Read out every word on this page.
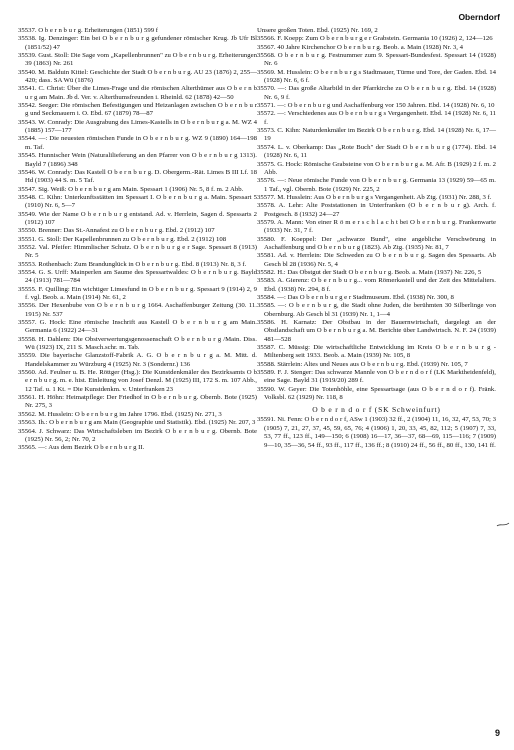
Oberndorf

35537. O b e r n b u r g. Erheiterungen (1851) 599 f

35538. Ig. Denzinger: Ein bei O b e r n b u r g gefundener römischer Krug. Jb Ufr Bl (1851/52) 47

35539. Gust. Stoll: Die Sage vom „Kapellenbrunnen" zu O b e r n b u r g. Erheiterungen 39 (1863) Nr. 261

35540. M. Balduin Kittel: Geschichte der Stadt O b e r n b u r g. AU 23 (1876) 2, 255—420; dass. SA Wü (1876)

35541. C. Christ: Über die Limes-Frage und die römischen Alterthümer aus O b e r n b u r g am Main. Jb d. Ver. v. Alterthumsfreunden i. Rheinld. 62 (1878) 42—50

35542. Seeger: Die römischen Befestigungen und Heizanlagen zwischen O b e r n b u r g und Seckmauern i. O. Ebd. 67 (1879) 78—87

35543. W. Conrady: Die Ausgrabung des Limes-Kastells in O b e r n b u r g a. M. WZ 4 (1885) 157—177

35544. —: Die neuesten römischen Funde in O b e r n b u r g. WZ 9 (1890) 164—198 m. Taf.

35545. Hunnischer Wein (Naturalilieferung an den Pfarrer von O b e r n b u r g 1313). Bayld 7 (1896) 348

35546. W. Conrady: Das Kastell O b e r n b u r g. D. Obergerm.-Rät. Limes B III Lf. 18 Hd (1903) 44 S. m. 5 Taf.

35547. Sig. Weiß: O b e r n b u r g am Main. Spessart 1 (1906) Nr. 5, 8 f. m. 2 Abb.

35548. C. Kihn: Unterkunftsstätten im Spessart I. O b e r n b u r g a. Main. Spessart 5 (1910) Nr. 6, 5—7

35549. Wie der Name O b e r n b u r g entstand. Ad. v. Herrlein, Sagen d. Spessarts 2 (1912) 107

35550. Brenner: Das St.-Annafest zu O b e r n b u r g. Ebd. 2 (1912) 107

35551. G. Stoll: Der Kapellenbrunnen zu O b e r n b u r g. Ebd. 2 (1912) 108

35552. Val. Pfeifer: Himmlischer Schutz. O b e r n b u r g e r Sage. Spessart 8 (1913) Nr. 5

35553. Rothenbach: Zum Brandunglück in O b e r n b u r g. Ebd. 8 (1913) Nr. 8, 3 f.

35554. G. S. Urff: Mainperlen am Saume des Spessartwaldes: O b e r n b u r g. Bayld 24 (1913) 781—784

35555. F. Quilling: Ein wichtiger Limesfund in O b e r n b u r g. Spessart 9 (1914) 2, 9 f. vgl. Beob. a. Main (1914) Nr. 61, 2

35556. Der Hexenbube von O b e r n b u r g 1664. Aschaffenburger Zeitung (30. 11. 1915) Nr. 537

35557. G. Hock: Eine römische Inschrift aus Kastell O b e r n b u r g am Main. Germania 6 (1922) 24—31

35558. H. Dahlem: Die Obstverwertungsgenossenschaft O b e r n b u r g /Main. Diss. Wü (1923) IX, 211 S. Masch.schr. m. Tab.

35559. Die bayerische Glanzstoff-Fabrik A. G. O b e r n b u r g a. M. Mitt. d. Handelskammer zu Würzburg 4 (1925) Nr. 3 (Sondernr.) 136

35560. Ad. Feulner u. B. He. Röttger (Hsg.): Die Kunstdenkmäler des Bezirksamts O b e r n b u r g. m. e. hist. Einleitung von Josef Denzl. M (1925) III, 172 S. m. 107 Abb., 12 Taf. u. 1 Kt. = Die Kunstdenkm. v. Unterfranken 23

35561. H. Höhn: Heimatpflege: Der Friedhof in O b e r n b u r g. Obernb. Bote (1925) Nr. 275, 3

35562. M. Husslein: O b e r n b u r g im Jahre 1796. Ebd. (1925) Nr. 271, 3

35563. Ih.: O b e r n b u r g am Main (Geographie und Statistik). Ebd. (1925) Nr. 207, 3

35564. J. Schwarz: Das Wirtschaftsleben im Bezirk O b e r n b u r g. Obernb. Bote (1925) Nr. 56, 2; Nr. 70, 2

35565. —: Aus dem Bezirk O b e r n b u r g II.

Unsere großen Toten. Ebd. (1925) Nr. 169, 2

35566. F. Koepp: Zum O b e r n b u r g e r Grabstein. Germania 10 (1926) 2, 124—126

35567. 40 Jahre Kirchenchor O b e r n b u r g. Beob. a. Main (1928) Nr. 3, 4

35568. O b e r n b u r g. Festnummer zum 9. Spessart-Bundesfest. Spessart 14 (1928) Nr. 6

35569. M. Husslein: O b e r n b u r g s Stadtmauer, Türme und Tore, der Gaden. Ebd. 14 (1928) Nr. 6, 6 f.

35570. —: Das große Altarbild in der Pfarrkirche zu O b e r n b u r g. Ebd. 14 (1928) Nr. 6, 9 f.

35571. —: O b e r n b u r g und Aschaffenburg vor 150 Jahren. Ebd. 14 (1928) Nr. 6, 10

35572. —: Verschiedenes aus O b e r n b u r g s Vergangenheit. Ebd. 14 (1928) Nr. 6, 11 f.

35573. C. Kihn: Naturdenkmäler im Bezirk O b e r n b u r g. Ebd. 14 (1928) Nr. 6, 17—19

35574. L. v. Oberkamp: Das „Rote Buch" der Stadt O b e r n b u r g (1774). Ebd. 14 (1928) Nr. 6, 11

35575. G. Hock: Römische Grabsteine von O b e r n b u r g a. M. Afr. B (1929) 2 f. m. 2 Abb.

35576. —: Neue römische Funde von O b e r n b u r g. Germania 13 (1929) 59—65 m. 1 Taf., vgl. Obernb. Bote (1929) Nr. 225, 2

35577. M. Husslein: Aus O b e r n b u r g s Vergangenheit. Ab Ztg. (1931) Nr. 288, 3 f.

35578. A. Lehr: Alte Poststationen in Unterfranken (O b e r n b u r g). Arch. f. Postgesch. 8 (1932) 24—27

35579. A. Mann: Von einer R ö m e r s c h l a c h t bei O b e r n b u r g. Frankenwarte (1933) Nr. 31, 7 f.

35580. F. Koeppel: Der „schwarze Bund", eine angebliche Verschwörung in Aschaffenburg und O b e r n b u r g (1823). Ab Ztg. (1935) Nr. 81, 7

35581. Ad. v. Herrlein: Die Schweden zu O b e r n b u r g. Sagen des Spessarts. Ab Gesch bl 28 (1936) Nr. 5, 4

35582. H.: Das Obstgut der Stadt O b e r n b u r g. Beob. a. Main (1937) Nr. 226, 5

35583. A. Gierenz: O b e r n b u r g... vom Römerkastell und der Zeit des Mittelalters. Ebd. (1938) Nr. 294, 8 f.

35584. —: Das O b e r n b u r g e r Stadtmuseum. Ebd. (1938) Nr. 300, 8

35585. —: O b e r n b u r g, die Stadt ohne Juden, die berühmten 30 Silberlinge von Obernburg. Ab Gesch bl 31 (1939) Nr. 1, 1—4

35586. H. Karnatz: Der Obstbau in der Bauernwirtschaft, dargelegt an der Obstlandschaft um O b e r n b u r g a. M. Berichte über Landwirtsch. N. F. 24 (1939) 481—528

35587. C. Müssig: Die wirtschaftliche Entwicklung im Kreis O b e r n b u r g -Miltenberg seit 1933. Beob. a. Main (1939) Nr. 105, 8

35588. Stärrlein: Altes und Neues aus O b e r n b u r g. Ebd. (1939) Nr. 105, 7

35589. F. J. Stenger: Das schwarze Mannle von O b e r n d o r f (LK Marktheidenfeld), eine Sage. Bayld 31 (1919/20) 289 f.

35590. W. Geyer: Die Totenhöhle, eine Spessartsage (aus O b e r n d o r f). Fränk. Volksbl. 62 (1929) Nr. 118, 8

O b e r n d o r f (SK Schweinfurt)

35591. Ni. Fenn: O b e r n d o r f, ASw 1 (1903) 32 ff., 2 (1904) 11, 16, 32, 47, 53, 70; 3 (1905) 7, 21, 27, 37, 45, 59, 65, 76; 4 (1906) 1, 20, 33, 45, 82, 112; 5 (1907) 7, 33, 53, 77 ff., 123 ff., 149—150; 6 (1908) 16—17, 36—37, 68—69, 115—116; 7 (1909) 9—10, 35—36, 54 ff., 93 ff., 117 ff., 136 ff.; 8 (1910) 24 ff., 56 ff., 80 ff., 130, 141 ff.

9
